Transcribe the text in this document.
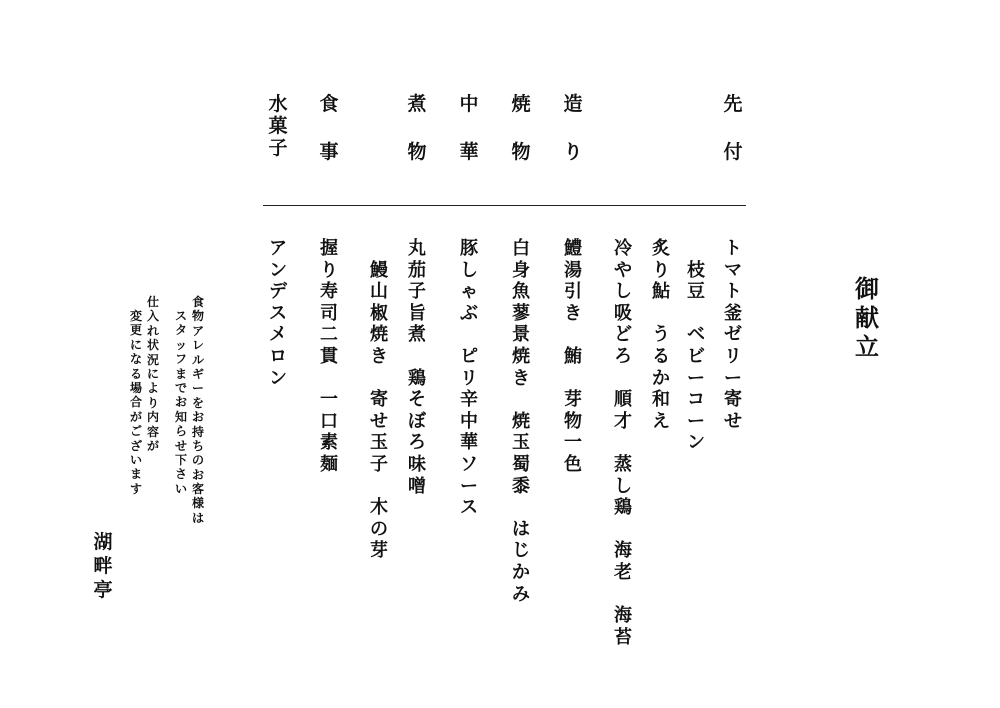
先
付
造
り
焼
物
中
華
煮
物
食
事
水
菓
子
ト
マ
ト
釜
ゼ
リ
ー
寄
せ

枝
豆

ベ
ビ
ー
コ
ー
ン
炙
り
鮎

う
る
か
和
え
冷
や
し
吸
ど
ろ

順
才

蒸
し
鶏

海
老

海
苔
鱧
湯
引
き

鮪

芽
物
一
色
白
身
魚
蓼
景
焼
き

焼
玉
蜀
黍

は
じ
か
み
豚
し
ゃ
ぶ

ピ
リ
辛
中
華
ソ
ー
ス
丸
茄
子
旨
煮

鶏
そ
ぼ
ろ
味
噌

鰻
山
椒
焼
き

寄
せ
玉
子

木
の
芽
握
り
寿
司
二
貫

一
口
素
麺
ア
ン
デ
ス
メ
ロ
ン
御
献
立
食
物
ア
レ
ル
ギ
ー
を
お
持
ち
の
お
客
様
は
ス
タ
ッ
フ
ま
で
お
知
ら
せ
下
さ
い
仕
入
れ
状
況
に
よ
り
内
容
が
変
更
に
な
る
場
合
が
ご
ざ
い
ま
す
湖
畔
亭
